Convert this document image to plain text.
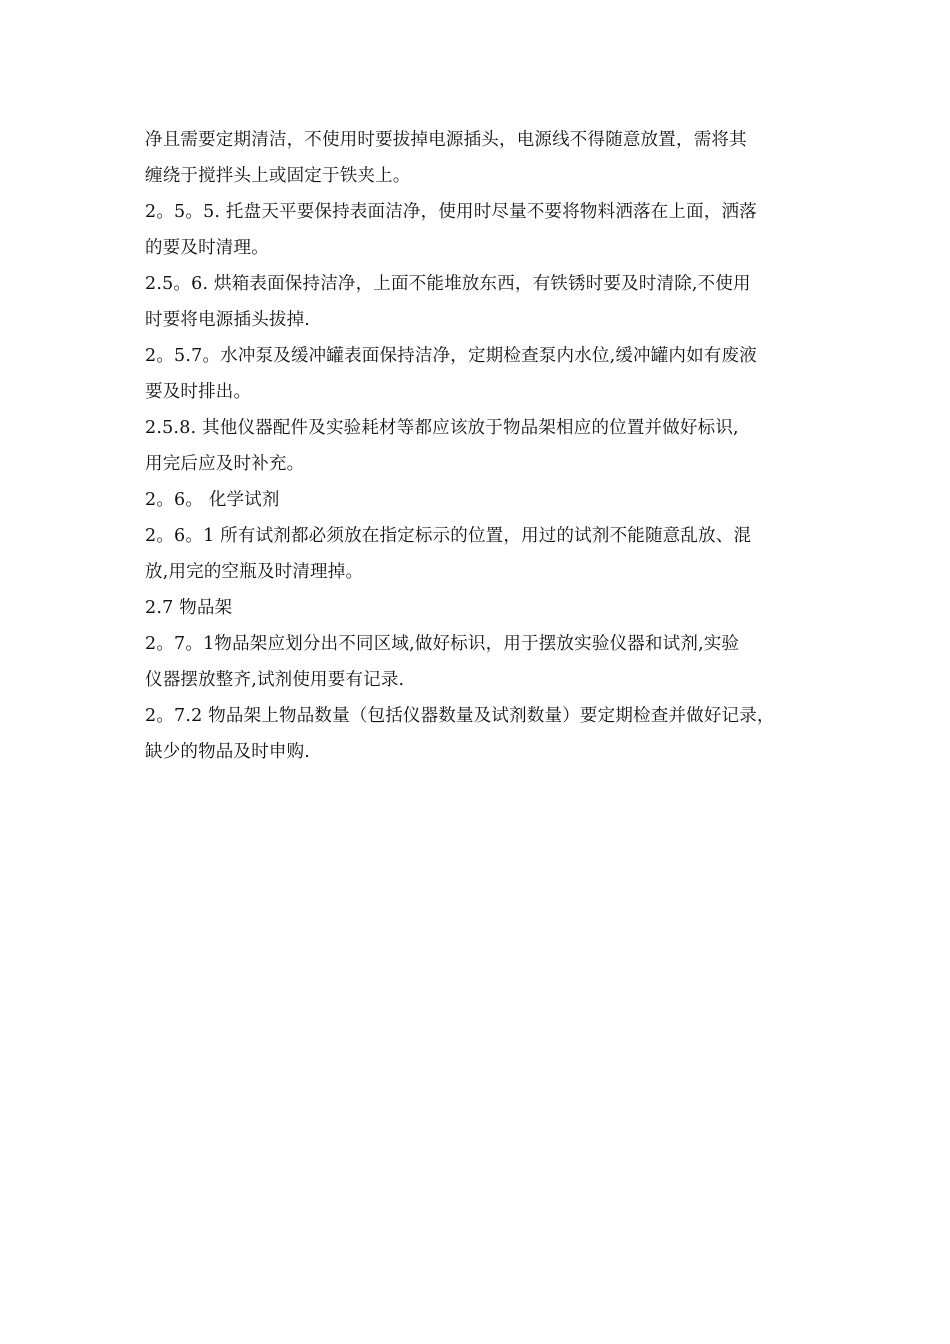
净且需要定期清洁，不使用时要拔掉电源插头，电源线不得随意放置，需将其

缠绕于搅拌头上或固定于铁夹上。

2。5。5. 托盘天平要保持表面洁净，使用时尽量不要将物料洒落在上面，洒落

的要及时清理。

2.5。6. 烘箱表面保持洁净，上面不能堆放东西，有铁锈时要及时清除,不使用

时要将电源插头拔掉.

2。5.7。水冲泵及缓冲罐表面保持洁净，定期检查泵内水位,缓冲罐内如有废液

要及时排出。

2.5.8. 其他仪器配件及实验耗材等都应该放于物品架相应的位置并做好标识,

用完后应及时补充。

2。6。 化学试剂

2。6。1 所有试剂都必须放在指定标示的位置，用过的试剂不能随意乱放、混

放,用完的空瓶及时清理掉。

2.7 物品架

2。7。1物品架应划分出不同区域,做好标识，用于摆放实验仪器和试剂,实验

仪器摆放整齐,试剂使用要有记录.

2。7.2 物品架上物品数量（包括仪器数量及试剂数量）要定期检查并做好记录，

缺少的物品及时申购.
